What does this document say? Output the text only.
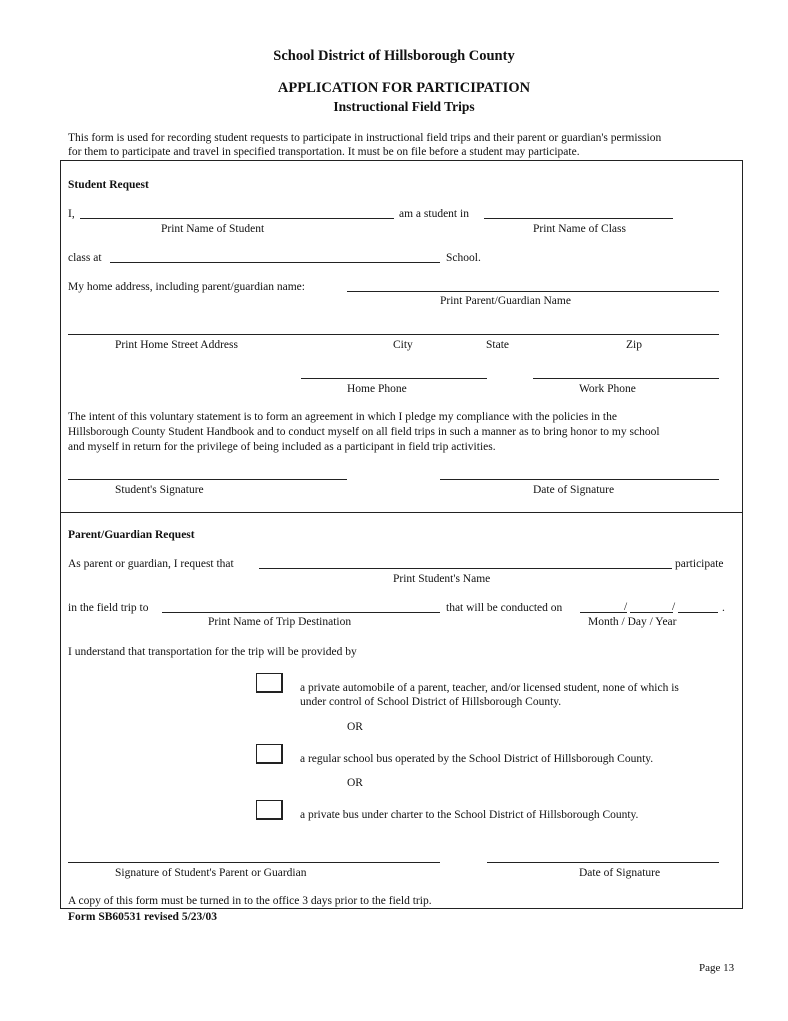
School District of Hillsborough County
APPLICATION FOR PARTICIPATION
Instructional Field Trips
This form is used for recording student requests to participate in instructional field trips and their parent or guardian's permission
for them to participate and travel in specified transportation. It must be on file before a student may participate.
Student Request
I,	am a student in
Print Name of Student	Print Name of Class
class at	School.
My home address, including parent/guardian name:
Print Parent/Guardian Name
Print Home Street Address	City	State	Zip
Home Phone	Work Phone
The intent of this voluntary statement is to form an agreement in which I pledge my compliance with the policies in the
Hillsborough County Student Handbook and to conduct myself on all field trips in such a manner as to bring honor to my school
and myself in return for the privilege of being included as a participant in field trip activities.
Student's Signature	Date of Signature
Parent/Guardian Request
As parent or guardian, I request that	participate
Print Student's Name
in the field trip to	that will be conducted on	/	/	.
Print Name of Trip Destination	Month / Day / Year
I understand that transportation for the trip will be provided by
a private automobile of a parent, teacher, and/or licensed student, none of which is
under control of School District of Hillsborough County.
OR
a regular school bus operated by the School District of Hillsborough County.
OR
a private bus under charter to the School District of Hillsborough County.
Signature of Student's Parent or Guardian	Date of Signature
A copy of this form must be turned in to the office 3 days prior to the field trip.
Form SB60531 revised 5/23/03
Page 13
